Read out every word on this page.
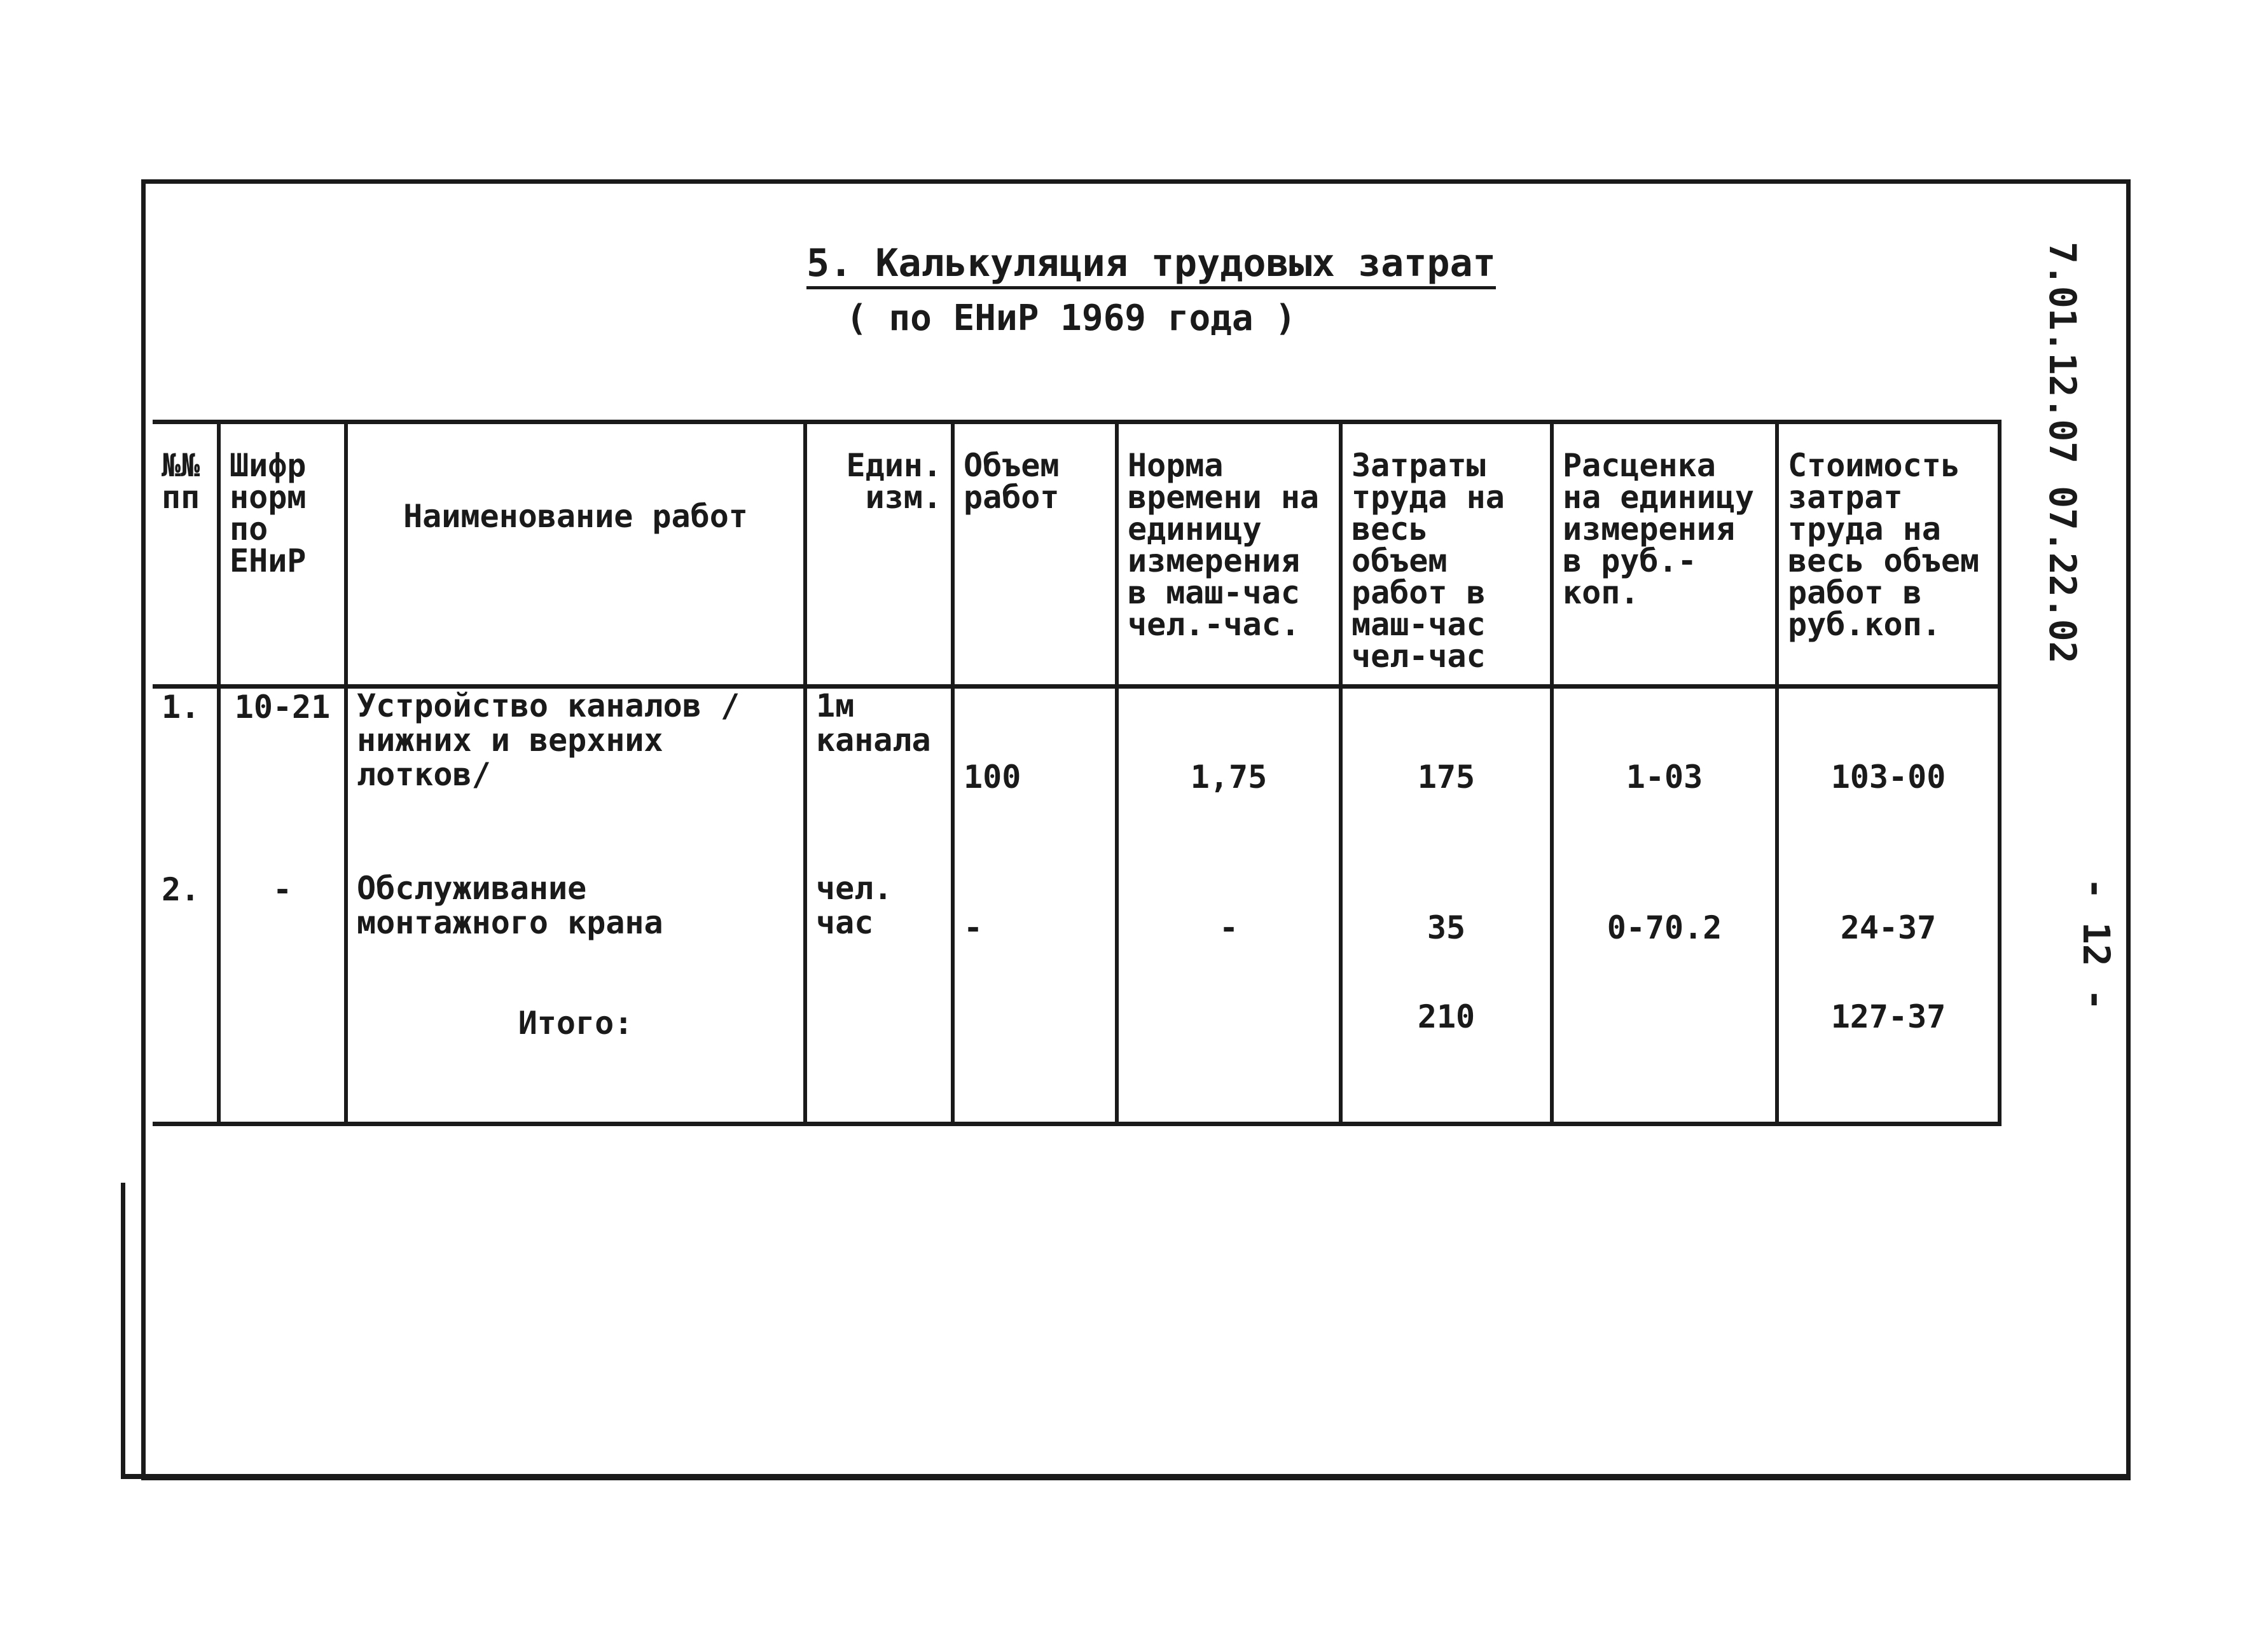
5. Калькуляция трудовых затрат
( по ЕНиР 1969 года )	7.01.12.07 07.22.02
- 12 -
№№ пп	Шифр норм по ЕНиР	Наименование работ	Един. изм.	Объем работ	Норма времени на единицу измерения в маш-час чел.-час.	Затраты труда на весь объем работ в маш-час чел-час	Расценка на единицу измерения в руб.-коп.	Стоимость затрат труда на весь объем работ в руб.коп.
1.	10-21	Устройство каналов /нижних и верхних лотков/	1м канала	100	1,75	175	1-03	103-00
2.	-	Обслуживание монтажного крана	чел. час	-	-	35	0-70.2	24-37
		Итого:				210		127-37
